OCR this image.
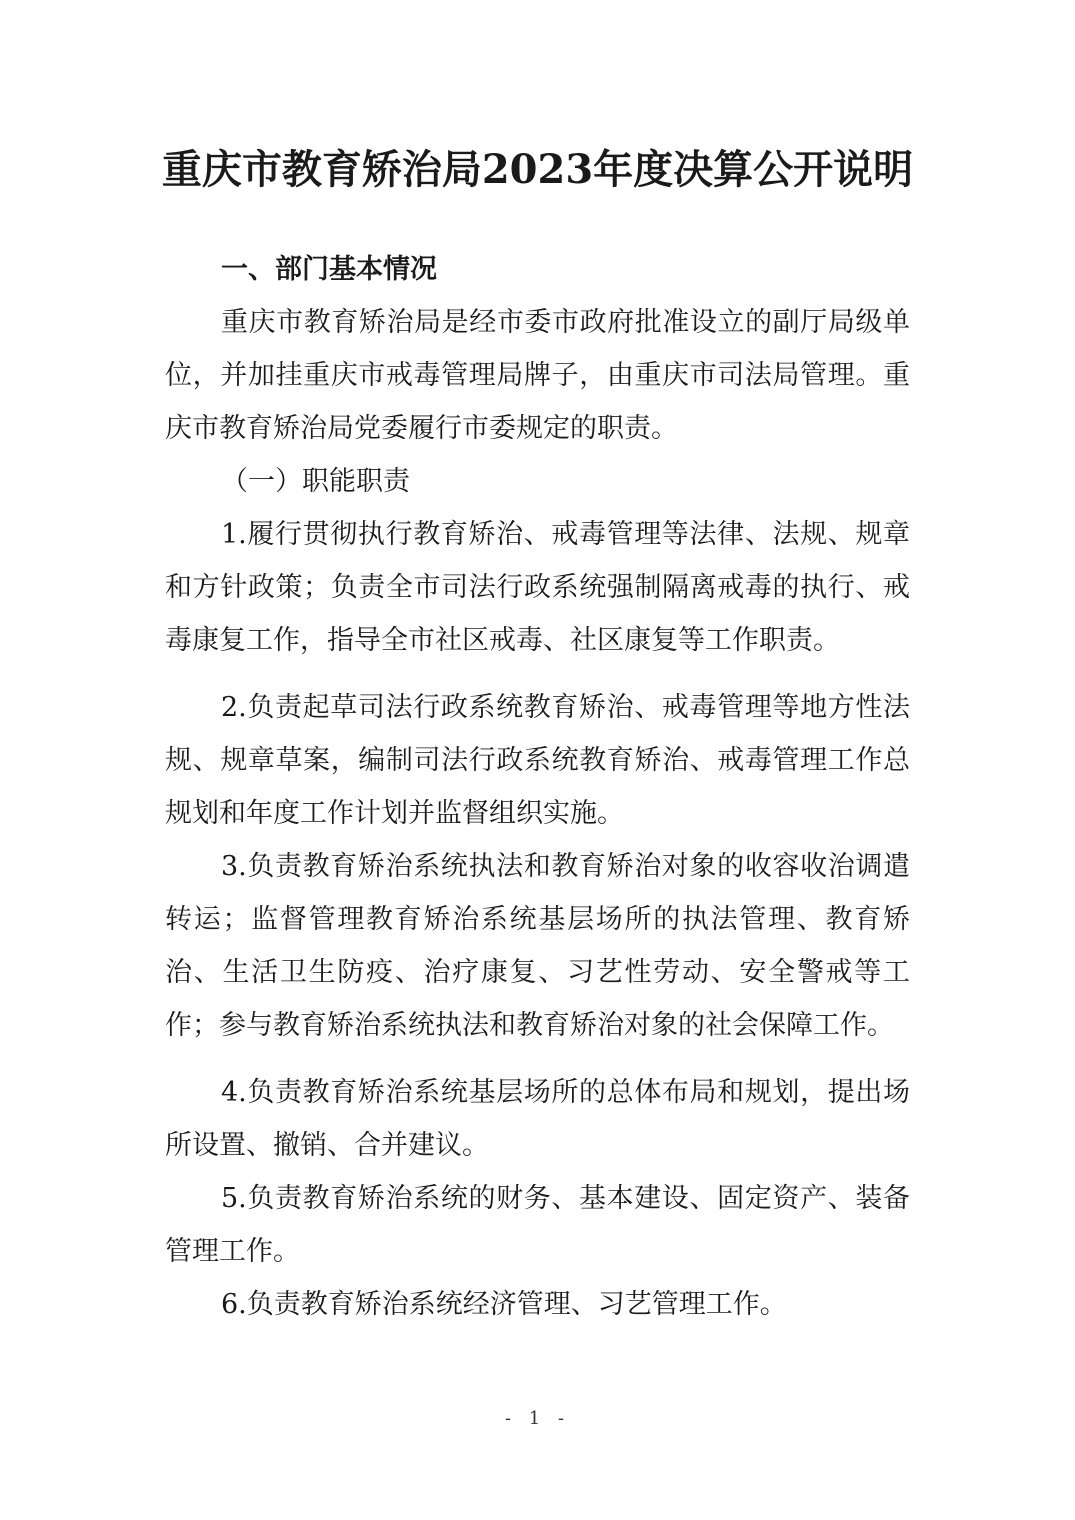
重庆市教育矫治局2023年度决算公开说明

一、部门基本情况

重庆市教育矫治局是经市委市政府批准设立的副厅局级单位，并加挂重庆市戒毒管理局牌子，由重庆市司法局管理。重庆市教育矫治局党委履行市委规定的职责。

（一）职能职责

1.履行贯彻执行教育矫治、戒毒管理等法律、法规、规章和方针政策；负责全市司法行政系统强制隔离戒毒的执行、戒毒康复工作，指导全市社区戒毒、社区康复等工作职责。

2.负责起草司法行政系统教育矫治、戒毒管理等地方性法规、规章草案，编制司法行政系统教育矫治、戒毒管理工作总规划和年度工作计划并监督组织实施。

3.负责教育矫治系统执法和教育矫治对象的收容收治调遣转运；监督管理教育矫治系统基层场所的执法管理、教育矫治、生活卫生防疫、治疗康复、习艺性劳动、安全警戒等工作；参与教育矫治系统执法和教育矫治对象的社会保障工作。

4.负责教育矫治系统基层场所的总体布局和规划，提出场所设置、撤销、合并建议。

5.负责教育矫治系统的财务、基本建设、固定资产、装备管理工作。

6.负责教育矫治系统经济管理、习艺管理工作。

- 1 -
